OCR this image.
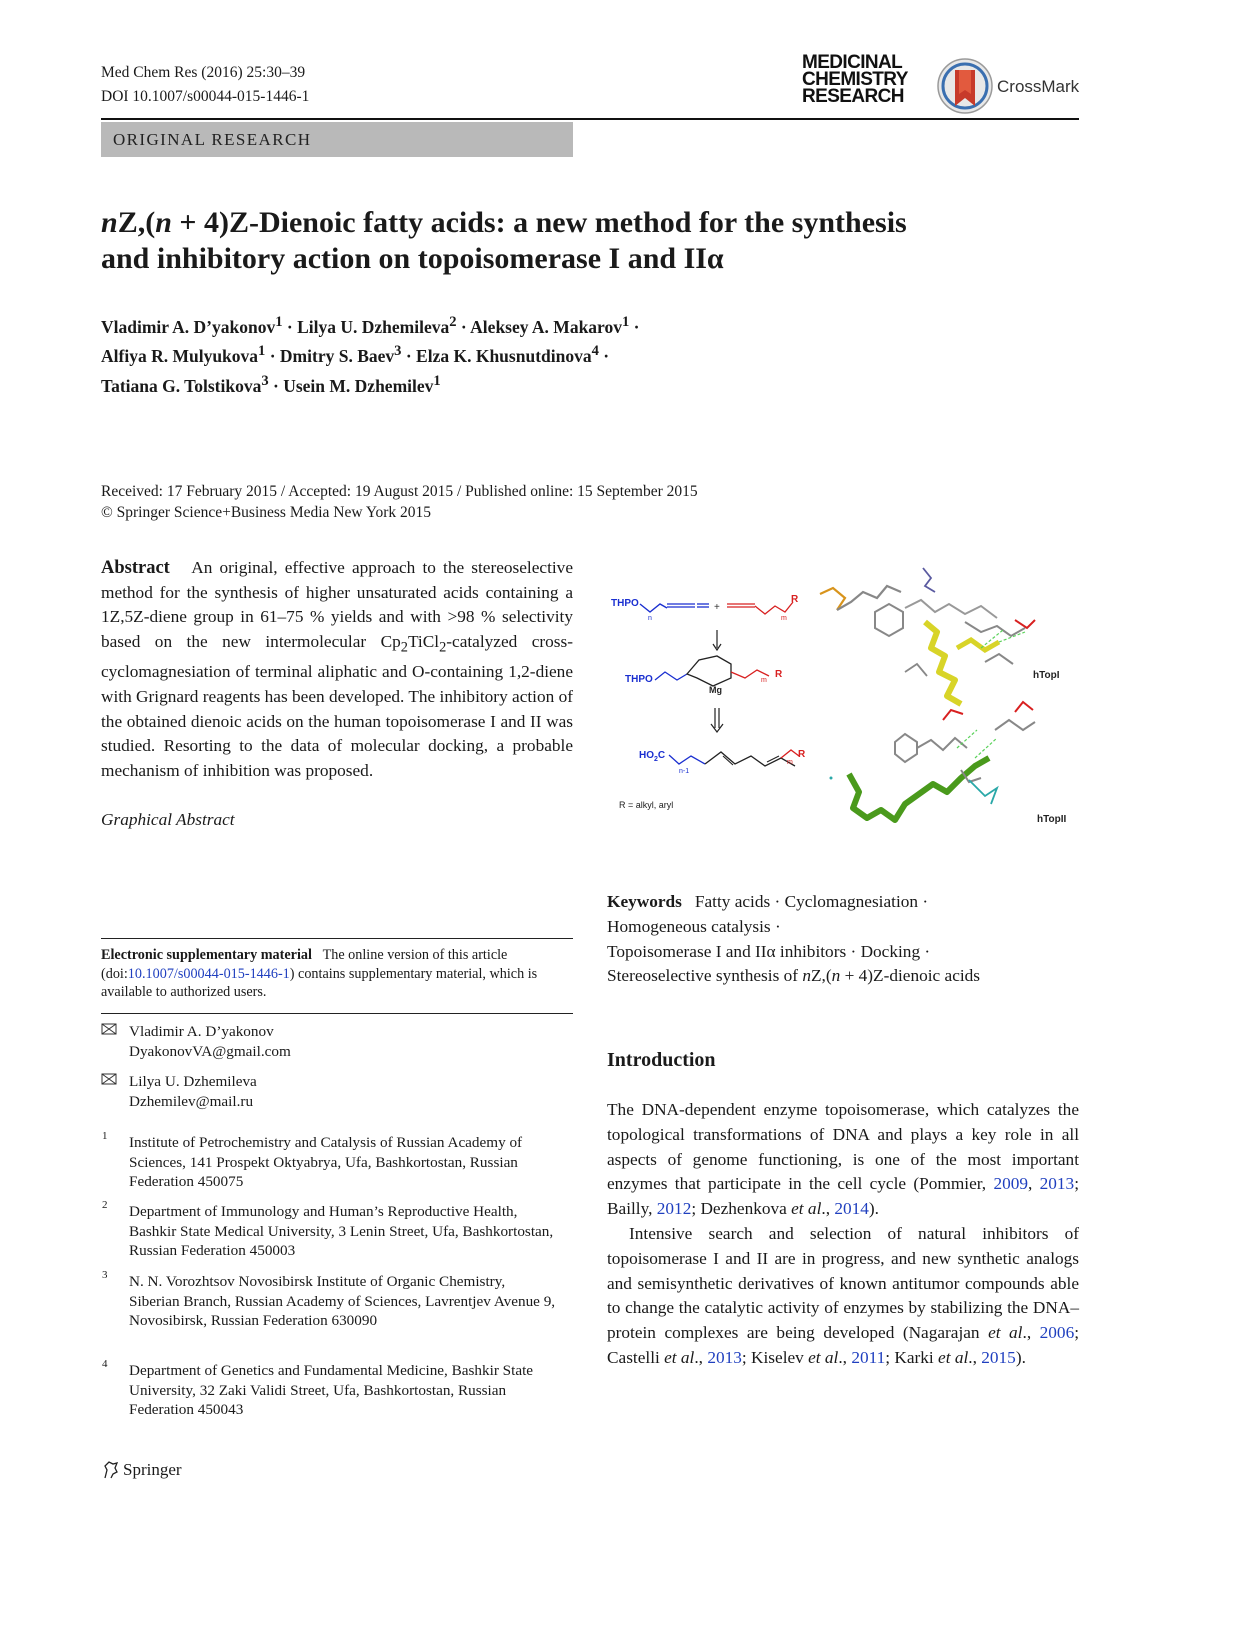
Med Chem Res (2016) 25:30–39
DOI 10.1007/s00044-015-1446-1
MEDICINAL
CHEMISTRY
RESEARCH	CrossMark
ORIGINAL RESEARCH
nZ,(n + 4)Z-Dienoic fatty acids: a new method for the synthesis
and inhibitory action on topoisomerase I and IIα
Vladimir A. D’yakonov$^1$ · Lilya U. Dzhemileva$^2$ · Aleksey A. Makarov$^1$ ·
Alfiya R. Mulyukova$^1$ · Dmitry S. Baev$^3$ · Elza K. Khusnutdinova$^4$ ·
Tatiana G. Tolstikova$^3$ · Usein M. Dzhemilev$^1$
Received: 17 February 2015 / Accepted: 19 August 2015 / Published online: 15 September 2015
© Springer Science+Business Media New York 2015
Abstract An original, effective approach to the stereoselective method for the synthesis of higher unsaturated acids containing a 1Z,5Z-diene group in 61–75 % yields and with >98 % selectivity based on the new intermolecular $Cp_2TiCl_2$-catalyzed cross-cyclomagnesiation of terminal aliphatic and O-containing 1,2-diene with Grignard reagents has been developed. The inhibitory action of the obtained dienoic acids on the human topoisomerase I and II was studied. Resorting to the data of molecular docking, a probable mechanism of inhibition was proposed.
Graphical Abstract
THPO
n
+
m
R
THPO
Mg
m
R
$HO_2C$
n-1
m
R
R = alkyl, aryl
hTopI
hTopII
Keywords Fatty acids · Cyclomagnesiation ·
Homogeneous catalysis ·
Topoisomerase I and IIα inhibitors · Docking ·
Stereoselective synthesis of nZ,(n + 4)Z-dienoic acids
Electronic supplementary material The online version of this article (doi:10.1007/s00044-015-1446-1) contains supplementary material, which is available to authorized users.
Vladimir A. D’yakonov
DyakonovVA@gmail.com
Lilya U. Dzhemileva
Dzhemilev@mail.ru
1 Institute of Petrochemistry and Catalysis of Russian Academy of Sciences, 141 Prospekt Oktyabrya, Ufa, Bashkortostan, Russian Federation 450075
2 Department of Immunology and Human’s Reproductive Health, Bashkir State Medical University, 3 Lenin Street, Ufa, Bashkortostan, Russian Federation 450003
3 N. N. Vorozhtsov Novosibirsk Institute of Organic Chemistry, Siberian Branch, Russian Academy of Sciences, Lavrentjev Avenue 9, Novosibirsk, Russian Federation 630090
4 Department of Genetics and Fundamental Medicine, Bashkir State University, 32 Zaki Validi Street, Ufa, Bashkortostan, Russian Federation 450043
Introduction

The DNA-dependent enzyme topoisomerase, which catalyzes the topological transformations of DNA and plays a key role in all aspects of genome functioning, is one of the most important enzymes that participate in the cell cycle (Pommier, 2009, 2013; Bailly, 2012; Dezhenkova et al., 2014).

Intensive search and selection of natural inhibitors of topoisomerase I and II are in progress, and new synthetic analogs and semisynthetic derivatives of known antitumor compounds able to change the catalytic activity of enzymes by stabilizing the DNA–protein complexes are being developed (Nagarajan et al., 2006; Castelli et al., 2013; Kiselev et al., 2011; Karki et al., 2015).

Springer
